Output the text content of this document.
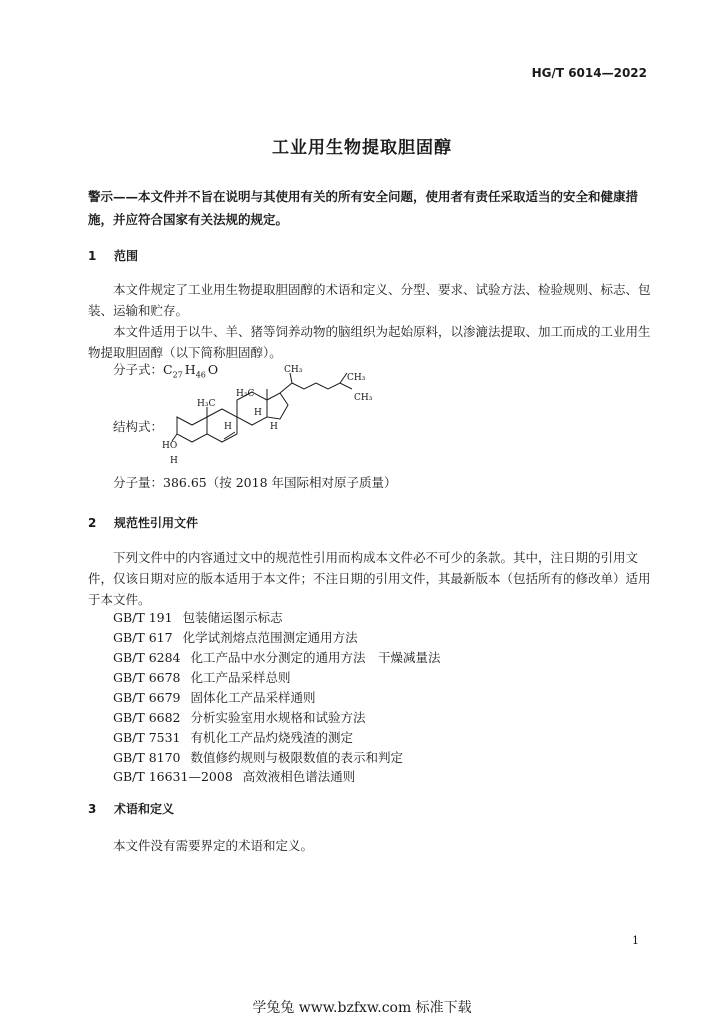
HG/T 6014—2022
工业用生物提取胆固醇

警示——本文件并不旨在说明与其使用有关的所有安全问题，使用者有责任采取适当的安全和健康措施，并应符合国家有关法规的规定。

1 范围

本文件规定了工业用生物提取胆固醇的术语和定义、分型、要求、试验方法、检验规则、标志、包装、运输和贮存。

本文件适用于以牛、羊、猪等饲养动物的脑组织为起始原料，以渗漉法提取、加工而成的工业用生物提取胆固醇（以下简称胆固醇）。

分子式：$C_{27}$ $H_{46}$ O
结构式：
HO
H
H₃C
H₃C
H
H	H
CH₃
CH₃
CH₃
分子量：386.65（按 2018 年国际相对原子质量）
2 规范性引用文件

下列文件中的内容通过文中的规范性引用而构成本文件必不可少的条款。其中，注日期的引用文件，仅该日期对应的版本适用于本文件；不注日期的引用文件，其最新版本（包括所有的修改单）适用于本文件。

GB/T 191 包装储运图示标志
GB/T 617 化学试剂熔点范围测定通用方法
GB/T 6284 化工产品中水分测定的通用方法　干燥减量法
GB/T 6678 化工产品采样总则
GB/T 6679 固体化工产品采样通则
GB/T 6682 分析实验室用水规格和试验方法
GB/T 7531 有机化工产品灼烧残渣的测定
GB/T 8170 数值修约规则与极限数值的表示和判定
GB/T 16631—2008 高效液相色谱法通则
3 术语和定义

本文件没有需要界定的术语和定义。

1
学兔兔 www.bzfxw.com 标准下载
